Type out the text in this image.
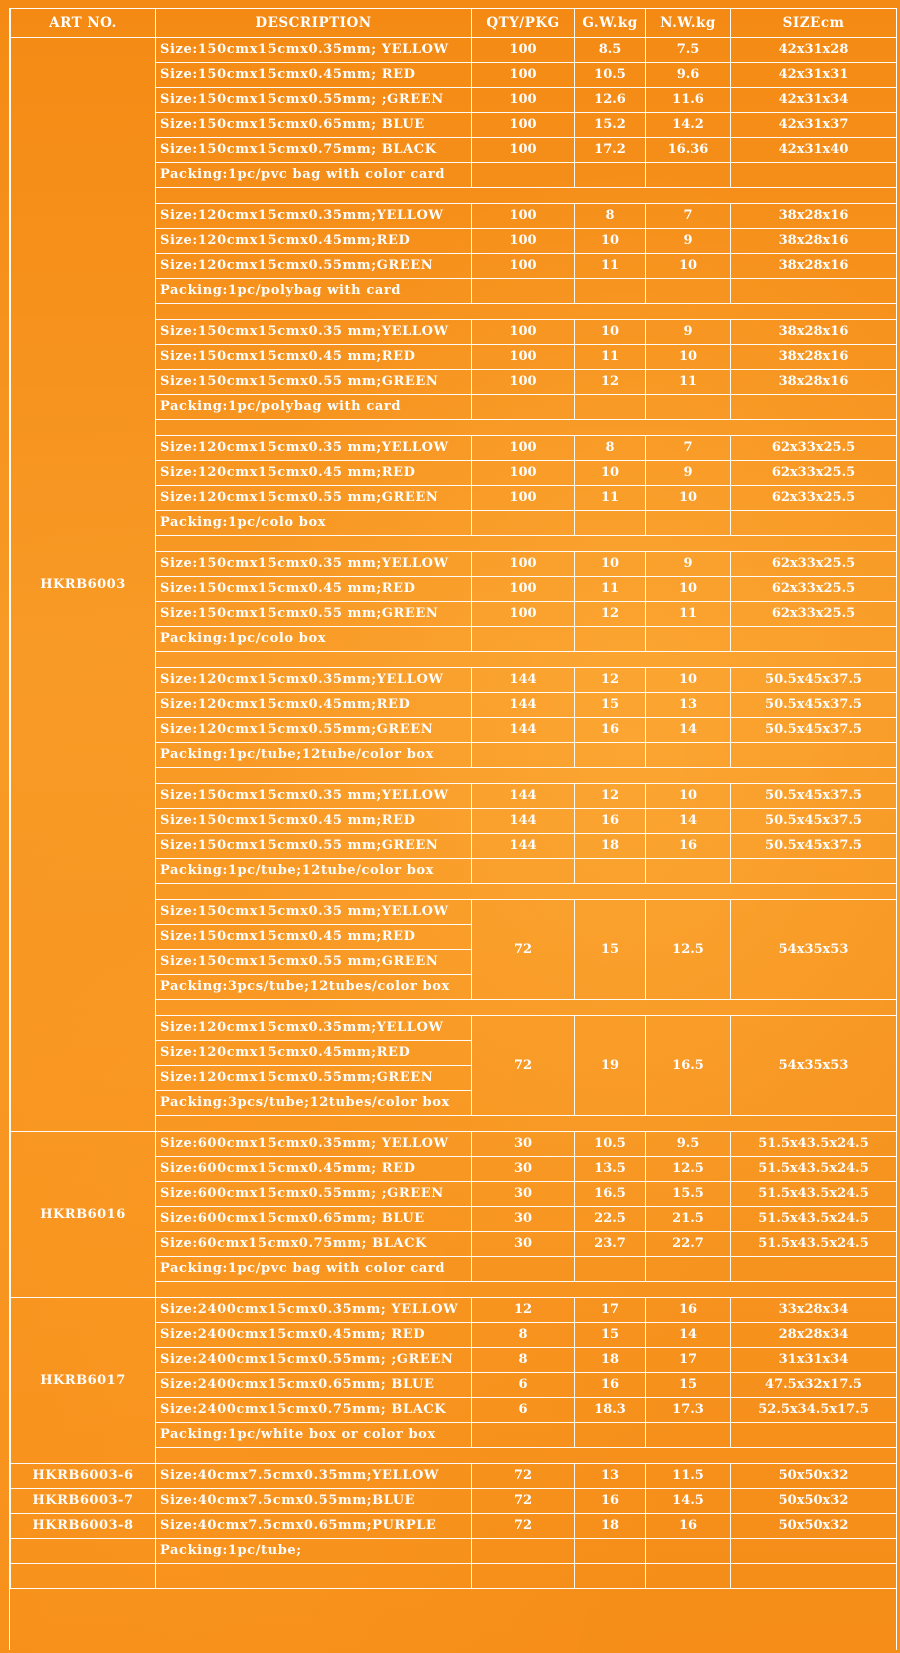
ART NO.	DESCRIPTION	QTY/PKG	G.W.kg	N.W.kg	SIZEcm
HKRB6003	Size:150cmx15cmx0.35mm; YELLOW	100	8.5	7.5	42x31x28
	Size:150cmx15cmx0.45mm; RED	100	10.5	9.6	42x31x31
	Size:150cmx15cmx0.55mm; ;GREEN	100	12.6	11.6	42x31x34
	Size:150cmx15cmx0.65mm; BLUE	100	15.2	14.2	42x31x37
	Size:150cmx15cmx0.75mm; BLACK	100	17.2	16.36	42x31x40
	Packing:1pc/pvc bag with color card				

	Size:120cmx15cmx0.35mm;YELLOW	100	8	7	38x28x16
	Size:120cmx15cmx0.45mm;RED	100	10	9	38x28x16
	Size:120cmx15cmx0.55mm;GREEN	100	11	10	38x28x16
	Packing:1pc/polybag with card				

	Size:150cmx15cmx0.35 mm;YELLOW	100	10	9	38x28x16
	Size:150cmx15cmx0.45 mm;RED	100	11	10	38x28x16
	Size:150cmx15cmx0.55 mm;GREEN	100	12	11	38x28x16
	Packing:1pc/polybag with card				

	Size:120cmx15cmx0.35 mm;YELLOW	100	8	7	62x33x25.5
	Size:120cmx15cmx0.45 mm;RED	100	10	9	62x33x25.5
	Size:120cmx15cmx0.55 mm;GREEN	100	11	10	62x33x25.5
	Packing:1pc/colo box				

	Size:150cmx15cmx0.35 mm;YELLOW	100	10	9	62x33x25.5
	Size:150cmx15cmx0.45 mm;RED	100	11	10	62x33x25.5
	Size:150cmx15cmx0.55 mm;GREEN	100	12	11	62x33x25.5
	Packing:1pc/colo box				

	Size:120cmx15cmx0.35mm;YELLOW	144	12	10	50.5x45x37.5
	Size:120cmx15cmx0.45mm;RED	144	15	13	50.5x45x37.5
	Size:120cmx15cmx0.55mm;GREEN	144	16	14	50.5x45x37.5
	Packing:1pc/tube;12tube/color box				

	Size:150cmx15cmx0.35 mm;YELLOW	144	12	10	50.5x45x37.5
	Size:150cmx15cmx0.45 mm;RED	144	16	14	50.5x45x37.5
	Size:150cmx15cmx0.55 mm;GREEN	144	18	16	50.5x45x37.5
	Packing:1pc/tube;12tube/color box				

	Size:150cmx15cmx0.35 mm;YELLOW	72	15	12.5	54x35x53
	Size:150cmx15cmx0.45 mm;RED				
	Size:150cmx15cmx0.55 mm;GREEN				
	Packing:3pcs/tube;12tubes/color box				

	Size:120cmx15cmx0.35mm;YELLOW	72	19	16.5	54x35x53
	Size:120cmx15cmx0.45mm;RED				
	Size:120cmx15cmx0.55mm;GREEN				
	Packing:3pcs/tube;12tubes/color box				

HKRB6016	Size:600cmx15cmx0.35mm; YELLOW	30	10.5	9.5	51.5x43.5x24.5
	Size:600cmx15cmx0.45mm; RED	30	13.5	12.5	51.5x43.5x24.5
	Size:600cmx15cmx0.55mm; ;GREEN	30	16.5	15.5	51.5x43.5x24.5
	Size:600cmx15cmx0.65mm; BLUE	30	22.5	21.5	51.5x43.5x24.5
	Size:60cmx15cmx0.75mm; BLACK	30	23.7	22.7	51.5x43.5x24.5
	Packing:1pc/pvc bag with color card				

HKRB6017	Size:2400cmx15cmx0.35mm; YELLOW	12	17	16	33x28x34
	Size:2400cmx15cmx0.45mm; RED	8	15	14	28x28x34
	Size:2400cmx15cmx0.55mm; ;GREEN	8	18	17	31x31x34
	Size:2400cmx15cmx0.65mm; BLUE	6	16	15	47.5x32x17.5
	Size:2400cmx15cmx0.75mm; BLACK	6	18.3	17.3	52.5x34.5x17.5
	Packing:1pc/white box or color box				

HKRB6003-6	Size:40cmx7.5cmx0.35mm;YELLOW	72	13	11.5	50x50x32
HKRB6003-7	Size:40cmx7.5cmx0.55mm;BLUE	72	16	14.5	50x50x32
HKRB6003-8	Size:40cmx7.5cmx0.65mm;PURPLE	72	18	16	50x50x32
	Packing:1pc/tube;				
